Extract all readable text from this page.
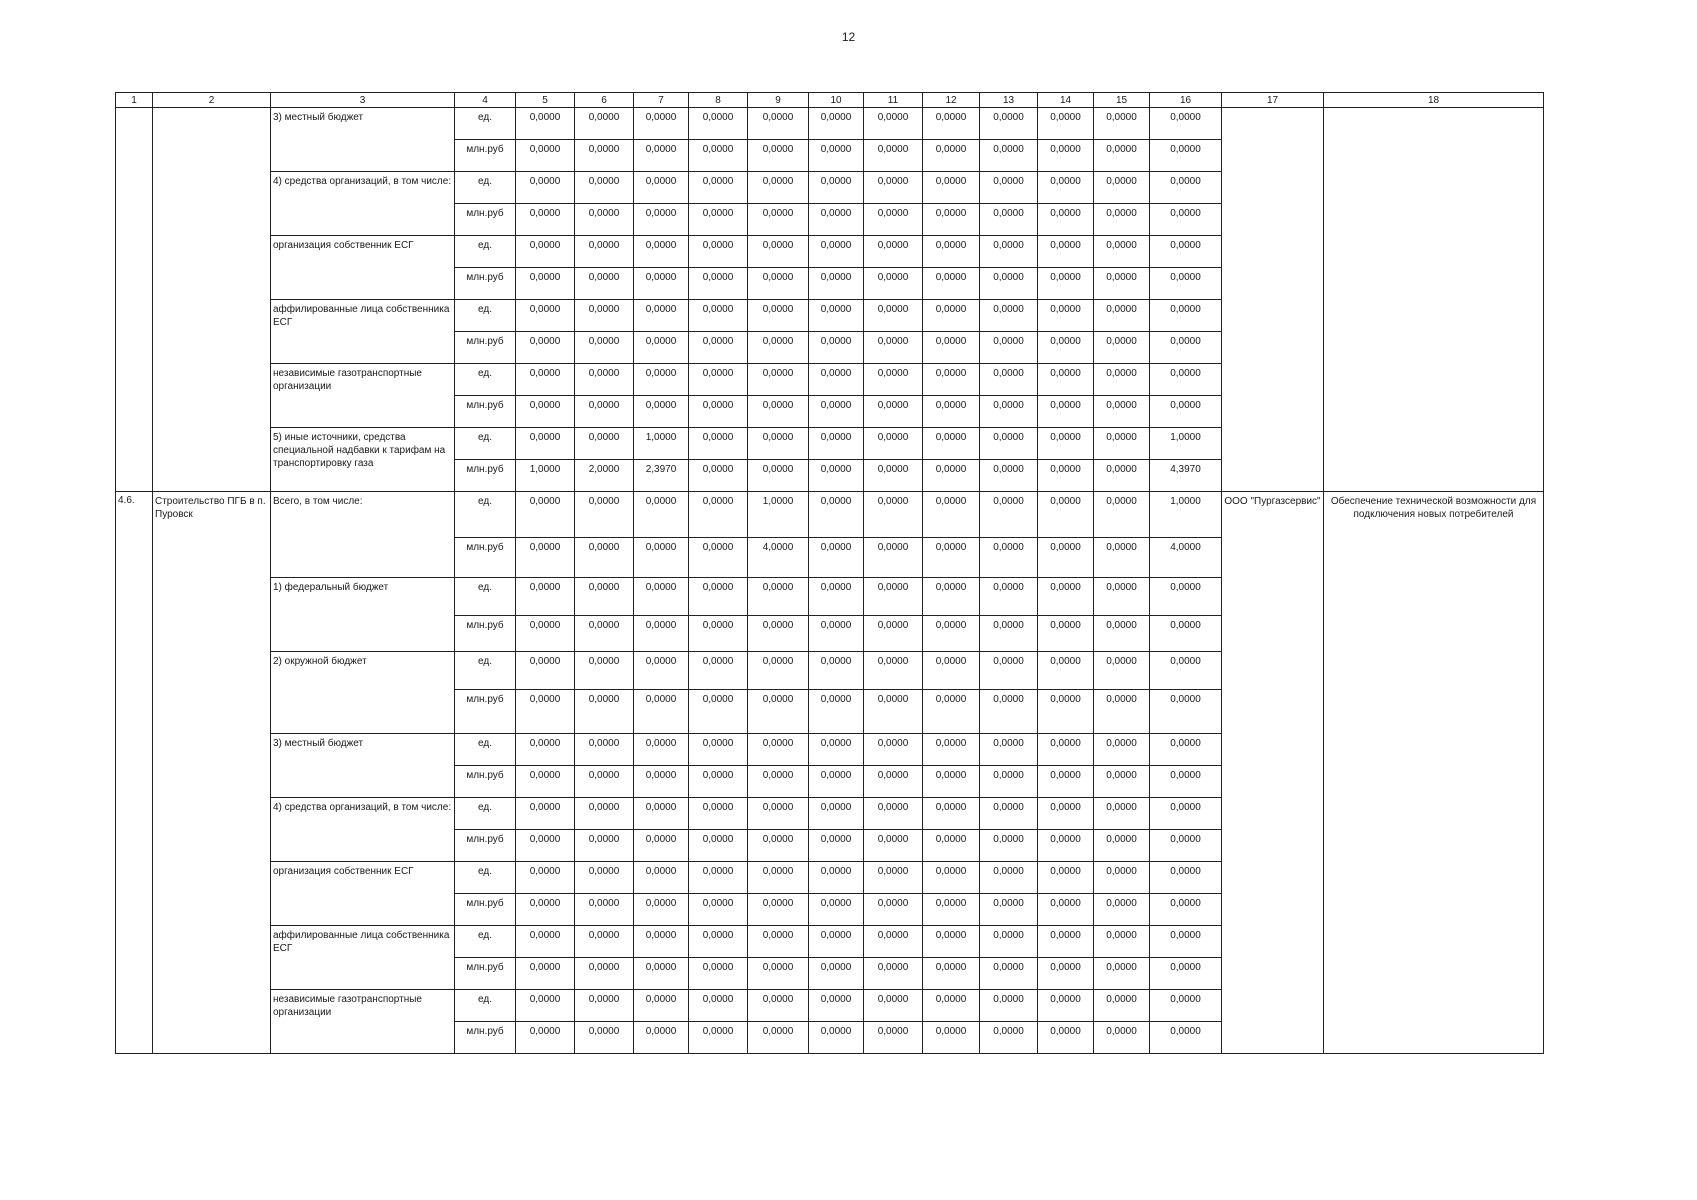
12
1	2	3	4	5	6	7	8	9	10	11	12	13	14	15	16	17	18
		3) местный бюджет	ед.	0,0000	0,0000	0,0000	0,0000	0,0000	0,0000	0,0000	0,0000	0,0000	0,0000	0,0000	0,0000		
			млн.руб	0,0000	0,0000	0,0000	0,0000	0,0000	0,0000	0,0000	0,0000	0,0000	0,0000	0,0000	0,0000		
		4) средства организаций, в том числе:	ед.	0,0000	0,0000	0,0000	0,0000	0,0000	0,0000	0,0000	0,0000	0,0000	0,0000	0,0000	0,0000		
			млн.руб	0,0000	0,0000	0,0000	0,0000	0,0000	0,0000	0,0000	0,0000	0,0000	0,0000	0,0000	0,0000		
		организация собственник ЕСГ	ед.	0,0000	0,0000	0,0000	0,0000	0,0000	0,0000	0,0000	0,0000	0,0000	0,0000	0,0000	0,0000		
			млн.руб	0,0000	0,0000	0,0000	0,0000	0,0000	0,0000	0,0000	0,0000	0,0000	0,0000	0,0000	0,0000		
		аффилированные лица собственника ЕСГ	ед.	0,0000	0,0000	0,0000	0,0000	0,0000	0,0000	0,0000	0,0000	0,0000	0,0000	0,0000	0,0000		
			млн.руб	0,0000	0,0000	0,0000	0,0000	0,0000	0,0000	0,0000	0,0000	0,0000	0,0000	0,0000	0,0000		
		независимые газотранспортные организации	ед.	0,0000	0,0000	0,0000	0,0000	0,0000	0,0000	0,0000	0,0000	0,0000	0,0000	0,0000	0,0000		
			млн.руб	0,0000	0,0000	0,0000	0,0000	0,0000	0,0000	0,0000	0,0000	0,0000	0,0000	0,0000	0,0000		
		5) иные источники, средства специальной надбавки к тарифам на транспортировку газа	ед.	0,0000	0,0000	1,0000	0,0000	0,0000	0,0000	0,0000	0,0000	0,0000	0,0000	0,0000	1,0000		
			млн.руб	1,0000	2,0000	2,3970	0,0000	0,0000	0,0000	0,0000	0,0000	0,0000	0,0000	0,0000	4,3970		
4.6.	Строительство ПГБ в п. Пуровск	Всего, в том числе:	ед.	0,0000	0,0000	0,0000	0,0000	1,0000	0,0000	0,0000	0,0000	0,0000	0,0000	0,0000	1,0000	ООО "Пургазсервис"	Обеспечение технической возможности для подключения новых потребителей
			млн.руб	0,0000	0,0000	0,0000	0,0000	4,0000	0,0000	0,0000	0,0000	0,0000	0,0000	0,0000	4,0000		
		1) федеральный бюджет	ед.	0,0000	0,0000	0,0000	0,0000	0,0000	0,0000	0,0000	0,0000	0,0000	0,0000	0,0000	0,0000		
			млн.руб	0,0000	0,0000	0,0000	0,0000	0,0000	0,0000	0,0000	0,0000	0,0000	0,0000	0,0000	0,0000		
		2) окружной бюджет	ед.	0,0000	0,0000	0,0000	0,0000	0,0000	0,0000	0,0000	0,0000	0,0000	0,0000	0,0000	0,0000		
			млн.руб	0,0000	0,0000	0,0000	0,0000	0,0000	0,0000	0,0000	0,0000	0,0000	0,0000	0,0000	0,0000		
		3) местный бюджет	ед.	0,0000	0,0000	0,0000	0,0000	0,0000	0,0000	0,0000	0,0000	0,0000	0,0000	0,0000	0,0000		
			млн.руб	0,0000	0,0000	0,0000	0,0000	0,0000	0,0000	0,0000	0,0000	0,0000	0,0000	0,0000	0,0000		
		4) средства организаций, в том числе:	ед.	0,0000	0,0000	0,0000	0,0000	0,0000	0,0000	0,0000	0,0000	0,0000	0,0000	0,0000	0,0000		
			млн.руб	0,0000	0,0000	0,0000	0,0000	0,0000	0,0000	0,0000	0,0000	0,0000	0,0000	0,0000	0,0000		
		организация собственник ЕСГ	ед.	0,0000	0,0000	0,0000	0,0000	0,0000	0,0000	0,0000	0,0000	0,0000	0,0000	0,0000	0,0000		
			млн.руб	0,0000	0,0000	0,0000	0,0000	0,0000	0,0000	0,0000	0,0000	0,0000	0,0000	0,0000	0,0000		
		аффилированные лица собственника ЕСГ	ед.	0,0000	0,0000	0,0000	0,0000	0,0000	0,0000	0,0000	0,0000	0,0000	0,0000	0,0000	0,0000		
			млн.руб	0,0000	0,0000	0,0000	0,0000	0,0000	0,0000	0,0000	0,0000	0,0000	0,0000	0,0000	0,0000		
		независимые газотранспортные организации	ед.	0,0000	0,0000	0,0000	0,0000	0,0000	0,0000	0,0000	0,0000	0,0000	0,0000	0,0000	0,0000		
			млн.руб	0,0000	0,0000	0,0000	0,0000	0,0000	0,0000	0,0000	0,0000	0,0000	0,0000	0,0000	0,0000		
